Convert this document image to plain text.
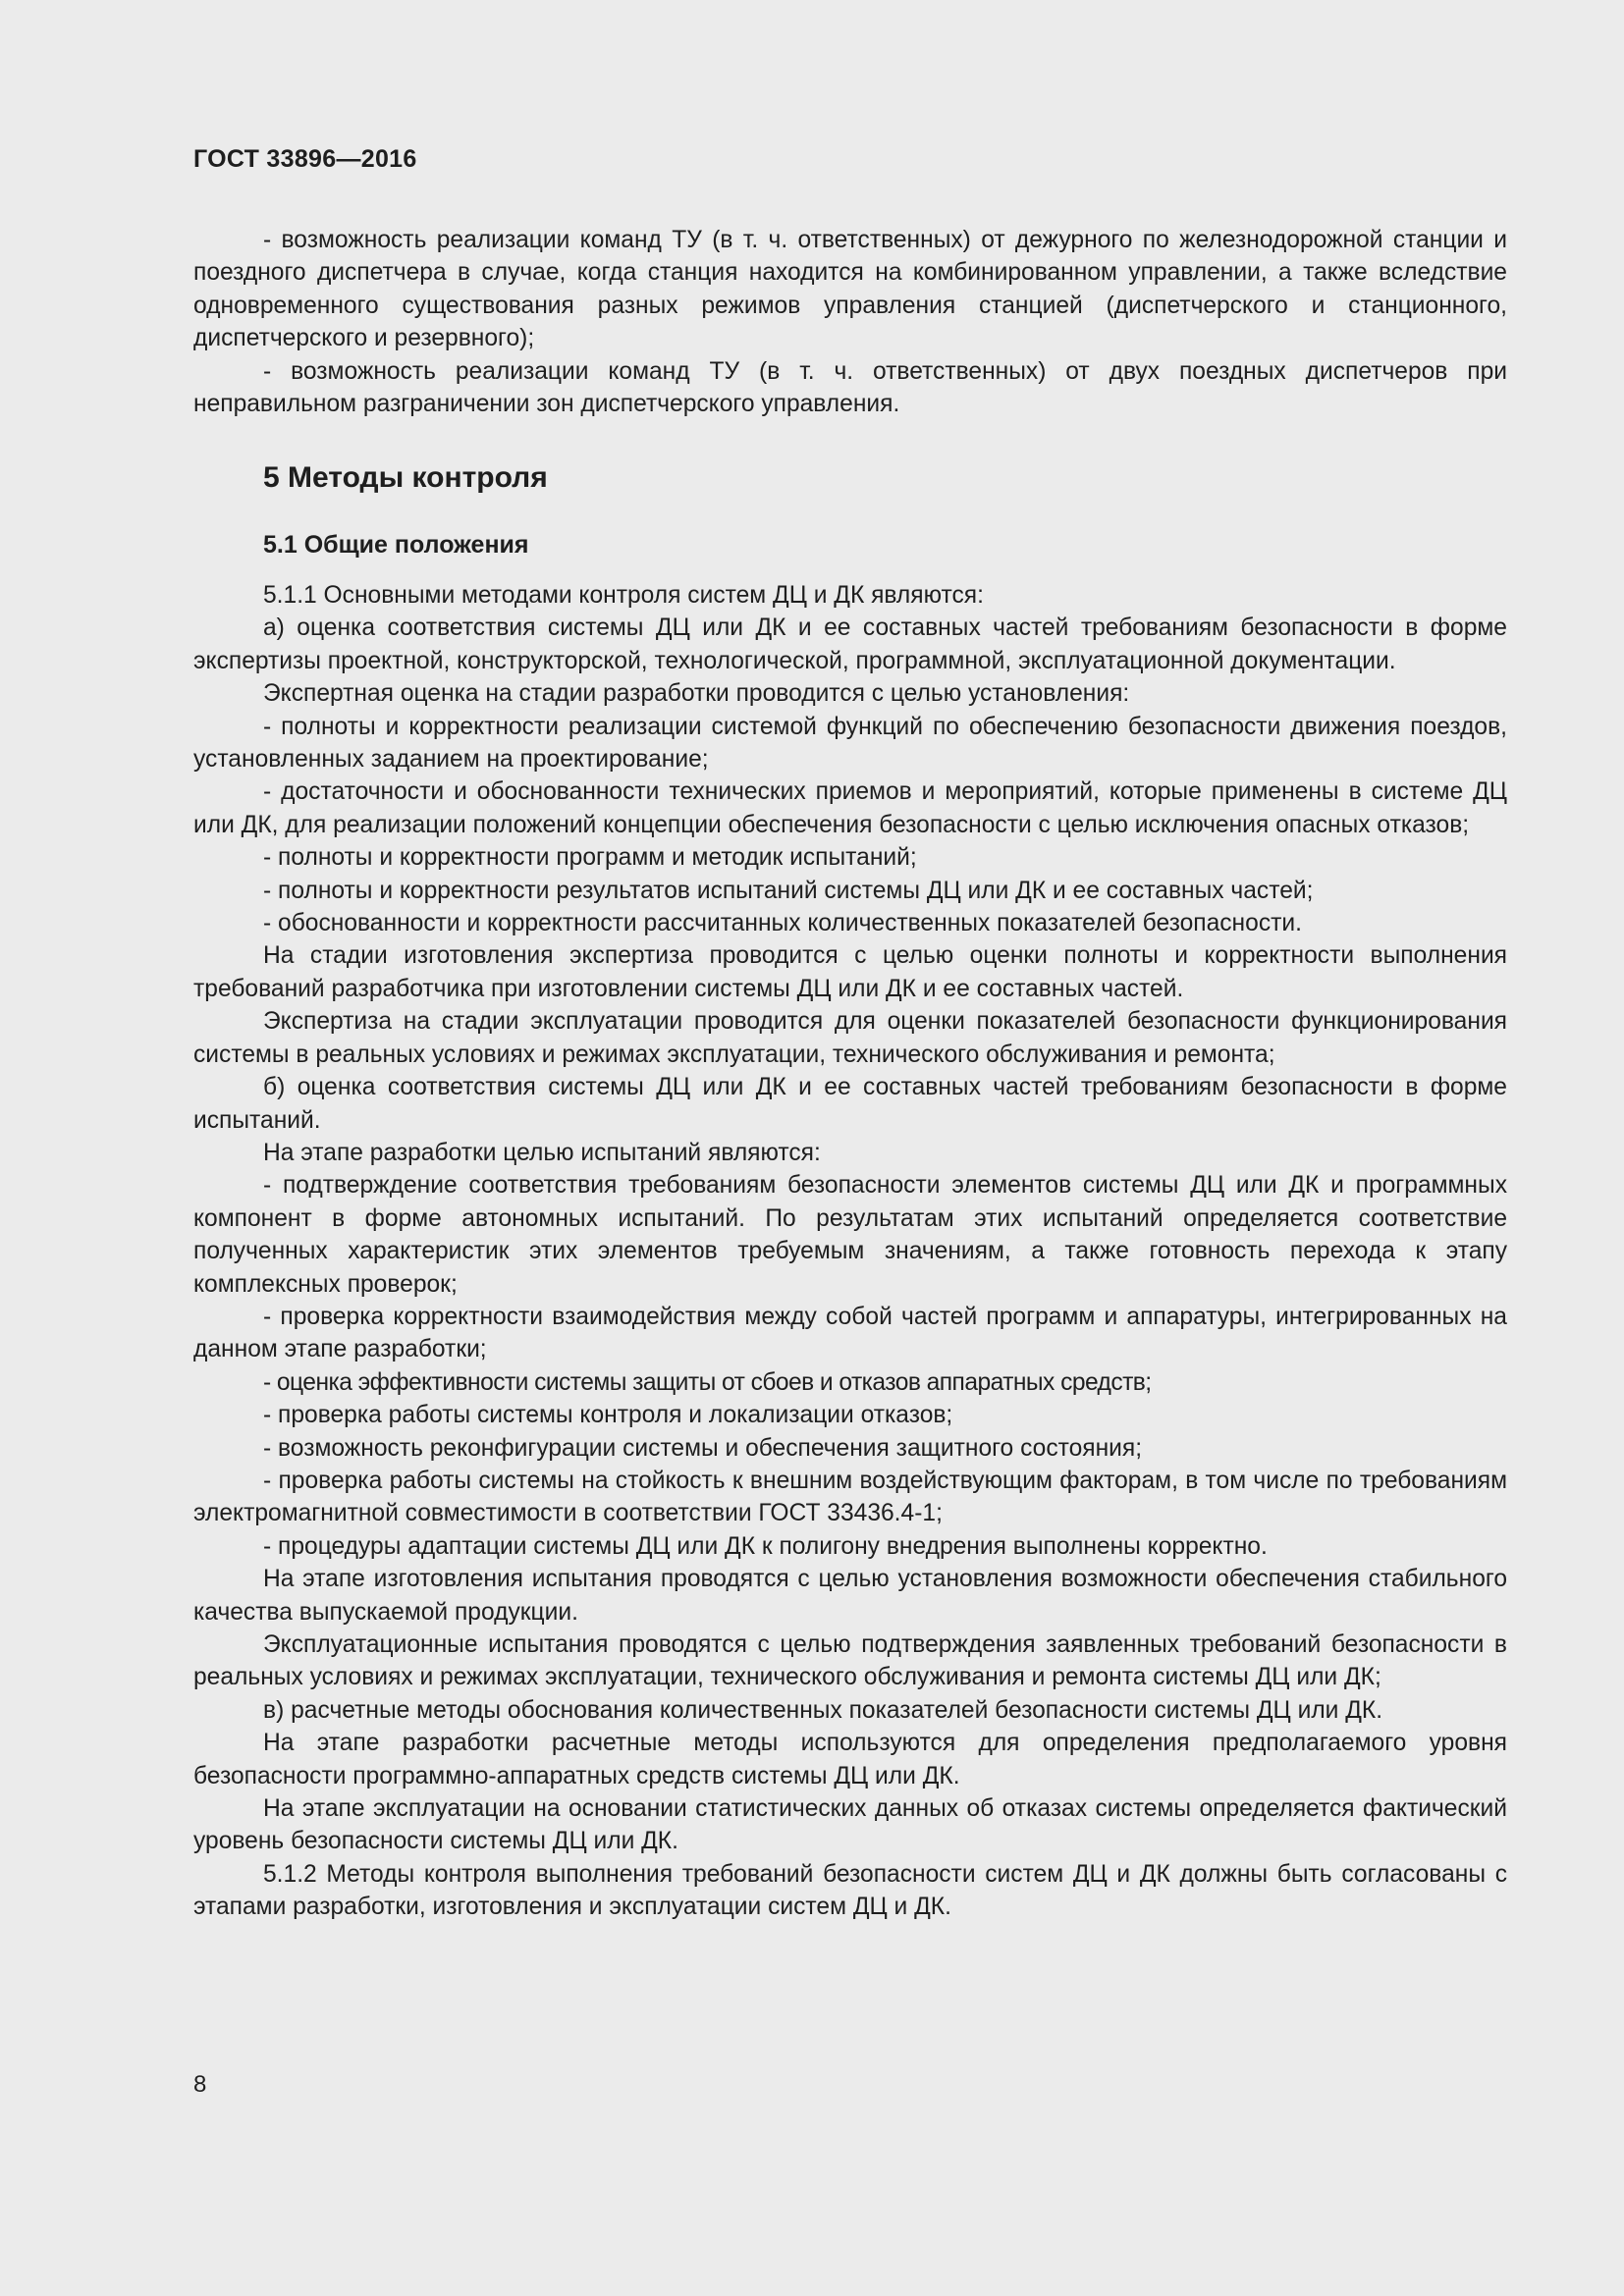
ГОСТ 33896—2016

- возможность реализации команд ТУ (в т. ч. ответственных) от дежурного по железнодорожной станции и поездного диспетчера в случае, когда станция находится на комбинированном управлении, а также вследствие одновременного существования разных режимов управления станцией (диспетчерского и станционного, диспетчерского и резервного);

- возможность реализации команд ТУ (в т. ч. ответственных) от двух поездных диспетчеров при неправильном разграничении зон диспетчерского управления.

5 Методы контроля
5.1 Общие положения

5.1.1 Основными методами контроля систем ДЦ и ДК являются:

а) оценка соответствия системы ДЦ или ДК и ее составных частей требованиям безопасности в форме экспертизы проектной, конструкторской, технологической, программной, эксплуатационной документации.

Экспертная оценка на стадии разработки проводится с целью установления:

- полноты и корректности реализации системой функций по обеспечению безопасности движения поездов, установленных заданием на проектирование;

- достаточности и обоснованности технических приемов и мероприятий, которые применены в системе ДЦ или ДК, для реализации положений концепции обеспечения безопасности с целью исключения опасных отказов;

- полноты и корректности программ и методик испытаний;

- полноты и корректности результатов испытаний системы ДЦ или ДК и ее составных частей;

- обоснованности и корректности рассчитанных количественных показателей безопасности.

На стадии изготовления экспертиза проводится с целью оценки полноты и корректности выполнения требований разработчика при изготовлении системы ДЦ или ДК и ее составных частей.

Экспертиза на стадии эксплуатации проводится для оценки показателей безопасности функционирования системы в реальных условиях и режимах эксплуатации, технического обслуживания и ремонта;

б) оценка соответствия системы ДЦ или ДК и ее составных частей требованиям безопасности в форме испытаний.

На этапе разработки целью испытаний являются:

- подтверждение соответствия требованиям безопасности элементов системы ДЦ или ДК и программных компонент в форме автономных испытаний. По результатам этих испытаний определяется соответствие полученных характеристик этих элементов требуемым значениям, а также готовность перехода к этапу комплексных проверок;

- проверка корректности взаимодействия между собой частей программ и аппаратуры, интегрированных на данном этапе разработки;

- оценка эффективности системы защиты от сбоев и отказов аппаратных средств;

- проверка работы системы контроля и локализации отказов;

- возможность реконфигурации системы и обеспечения защитного состояния;

- проверка работы системы на стойкость к внешним воздействующим факторам, в том числе по требованиям электромагнитной совместимости в соответствии ГОСТ 33436.4-1;

- процедуры адаптации системы ДЦ или ДК к полигону внедрения выполнены корректно.

На этапе изготовления испытания проводятся с целью установления возможности обеспечения стабильного качества выпускаемой продукции.

Эксплуатационные испытания проводятся с целью подтверждения заявленных требований безопасности в реальных условиях и режимах эксплуатации, технического обслуживания и ремонта системы ДЦ или ДК;

в) расчетные методы обоснования количественных показателей безопасности системы ДЦ или ДК.

На этапе разработки расчетные методы используются для определения предполагаемого уровня безопасности программно-аппаратных средств системы ДЦ или ДК.

На этапе эксплуатации на основании статистических данных об отказах системы определяется фактический уровень безопасности системы ДЦ или ДК.

5.1.2 Методы контроля выполнения требований безопасности систем ДЦ и ДК должны быть согласованы с этапами разработки, изготовления и эксплуатации систем ДЦ и ДК.

8
